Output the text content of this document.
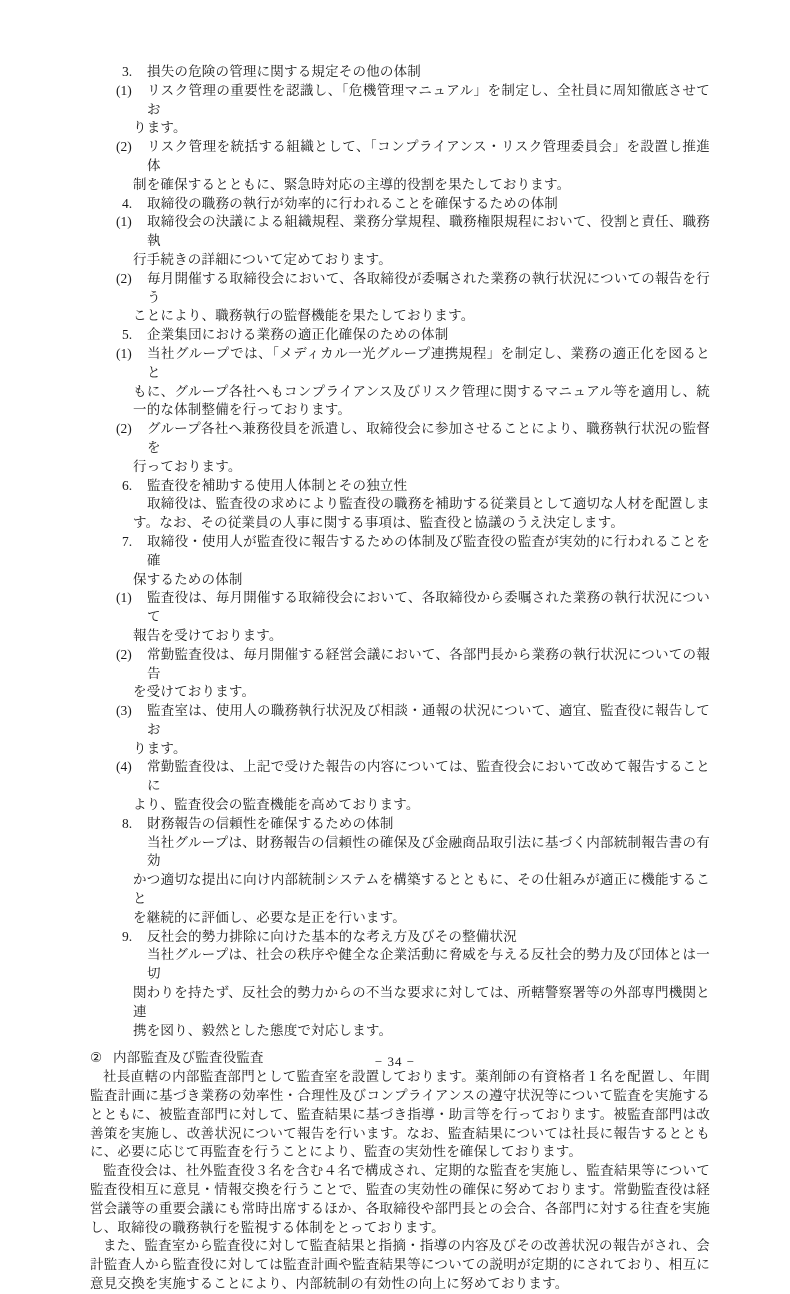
3. 損失の危険の管理に関する規定その他の体制
(1) リスク管理の重要性を認識し、「危機管理マニュアル」を制定し、全社員に周知徹底させてお
ります。
(2) リスク管理を統括する組織として、「コンプライアンス・リスク管理委員会」を設置し推進体
制を確保するとともに、緊急時対応の主導的役割を果たしております。
4. 取締役の職務の執行が効率的に行われることを確保するための体制
(1) 取締役会の決議による組織規程、業務分掌規程、職務権限規程において、役割と責任、職務執
行手続きの詳細について定めております。
(2) 毎月開催する取締役会において、各取締役が委嘱された業務の執行状況についての報告を行う
ことにより、職務執行の監督機能を果たしております。
5. 企業集団における業務の適正化確保のための体制
(1) 当社グループでは、「メディカル一光グループ連携規程」を制定し、業務の適正化を図るとと
もに、グループ各社へもコンプライアンス及びリスク管理に関するマニュアル等を適用し、統
一的な体制整備を行っております。
(2) グループ各社へ兼務役員を派遣し、取締役会に参加させることにより、職務執行状況の監督を
行っております。
6. 監査役を補助する使用人体制とその独立性
取締役は、監査役の求めにより監査役の職務を補助する従業員として適切な人材を配置しま
す。なお、その従業員の人事に関する事項は、監査役と協議のうえ決定します。
7. 取締役・使用人が監査役に報告するための体制及び監査役の監査が実効的に行われることを確
保するための体制
(1) 監査役は、毎月開催する取締役会において、各取締役から委嘱された業務の執行状況について
報告を受けております。
(2) 常勤監査役は、毎月開催する経営会議において、各部門長から業務の執行状況についての報告
を受けております。
(3) 監査室は、使用人の職務執行状況及び相談・通報の状況について、適宜、監査役に報告してお
ります。
(4) 常勤監査役は、上記で受けた報告の内容については、監査役会において改めて報告することに
より、監査役会の監査機能を高めております。
8. 財務報告の信頼性を確保するための体制
当社グループは、財務報告の信頼性の確保及び金融商品取引法に基づく内部統制報告書の有効
かつ適切な提出に向け内部統制システムを構築するとともに、その仕組みが適正に機能すること
を継続的に評価し、必要な是正を行います。
9. 反社会的勢力排除に向けた基本的な考え方及びその整備状況
当社グループは、社会の秩序や健全な企業活動に脅威を与える反社会的勢力及び団体とは一切
関わりを持たず、反社会的勢力からの不当な要求に対しては、所轄警察署等の外部専門機関と連
携を図り、毅然とした態度で対応します。
② 内部監査及び監査役監査
社長直轄の内部監査部門として監査室を設置しております。薬剤師の有資格者１名を配置し、年間
監査計画に基づき業務の効率性・合理性及びコンプライアンスの遵守状況等について監査を実施する
とともに、被監査部門に対して、監査結果に基づき指導・助言等を行っております。被監査部門は改
善策を実施し、改善状況について報告を行います。なお、監査結果については社長に報告するととも
に、必要に応じて再監査を行うことにより、監査の実効性を確保しております。
監査役会は、社外監査役３名を含む４名で構成され、定期的な監査を実施し、監査結果等について
監査役相互に意見・情報交換を行うことで、監査の実効性の確保に努めております。常勤監査役は経
営会議等の重要会議にも常時出席するほか、各取締役や部門長との会合、各部門に対する往査を実施
し、取締役の職務執行を監視する体制をとっております。
また、監査室から監査役に対して監査結果と指摘・指導の内容及びその改善状況の報告がされ、会
計監査人から監査役に対しては監査計画や監査結果等についての説明が定期的にされており、相互に
意見交換を実施することにより、内部統制の有効性の向上に努めております。
− 34 −
